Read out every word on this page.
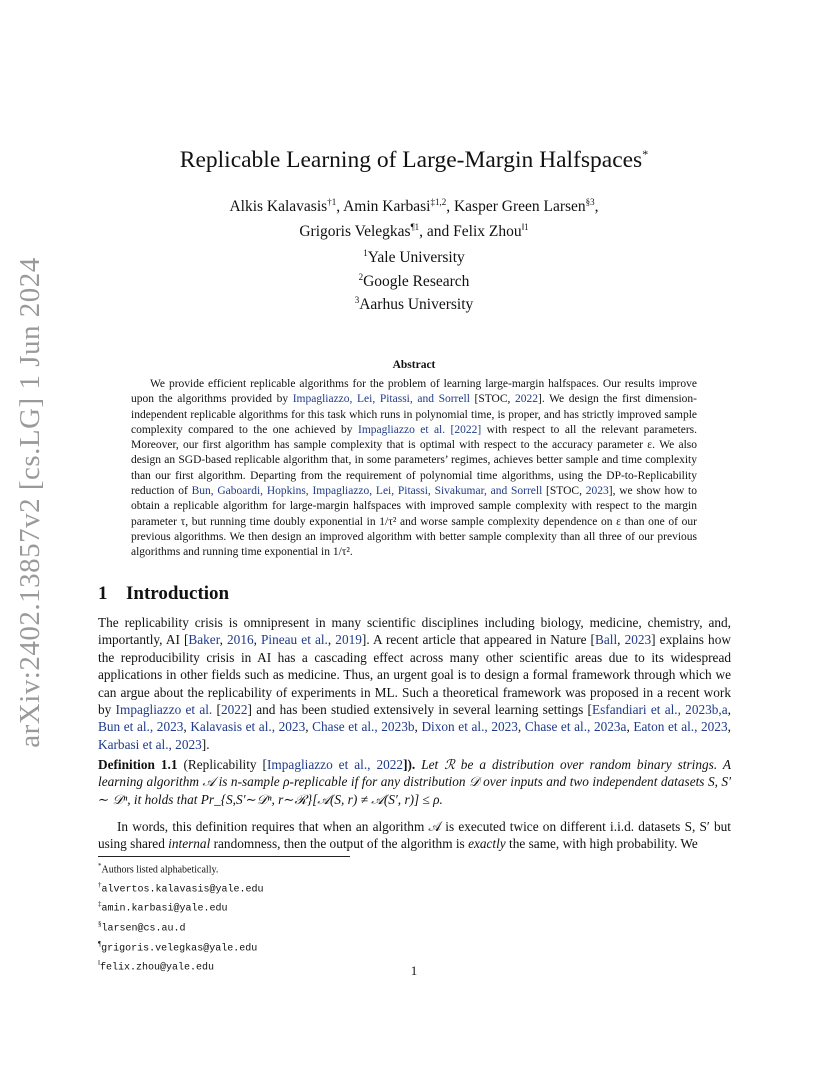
arXiv:2402.13857v2 [cs.LG] 1 Jun 2024
Replicable Learning of Large-Margin Halfspaces*
Alkis Kalavasis$^{\dagger 1}$, Amin Karbasi$^{\ddagger 1,2}$, Kasper Green Larsen$^{\S 3}$,
Grigoris Velegkas$^{\P 1}$, and Felix Zhou$^{‖1}$
$^1$Yale University
$^2$Google Research
$^3$Aarhus University
Abstract
We provide efficient replicable algorithms for the problem of learning large-margin halfspaces. Our results improve upon the algorithms provided by Impagliazzo, Lei, Pitassi, and Sorrell [STOC, 2022]. We design the first dimension-independent replicable algorithms for this task which runs in polynomial time, is proper, and has strictly improved sample complexity compared to the one achieved by Impagliazzo et al. [2022] with respect to all the relevant parameters. Moreover, our first algorithm has sample complexity that is optimal with respect to the accuracy parameter ε. We also design an SGD-based replicable algorithm that, in some parameters’ regimes, achieves better sample and time complexity than our first algorithm. Departing from the requirement of polynomial time algorithms, using the DP-to-Replicability reduction of Bun, Gaboardi, Hopkins, Impagliazzo, Lei, Pitassi, Sivakumar, and Sorrell [STOC, 2023], we show how to obtain a replicable algorithm for large-margin halfspaces with improved sample complexity with respect to the margin parameter τ, but running time doubly exponential in 1/τ² and worse sample complexity dependence on ε than one of our previous algorithms. We then design an improved algorithm with better sample complexity than all three of our previous algorithms and running time exponential in 1/τ².
1 Introduction
The replicability crisis is omnipresent in many scientific disciplines including biology, medicine, chemistry, and, importantly, AI [Baker, 2016, Pineau et al., 2019]. A recent article that appeared in Nature [Ball, 2023] explains how the reproducibility crisis in AI has a cascading effect across many other scientific areas due to its widespread applications in other fields such as medicine. Thus, an urgent goal is to design a formal framework through which we can argue about the replicability of experiments in ML. Such a theoretical framework was proposed in a recent work by Impagliazzo et al. [2022] and has been studied extensively in several learning settings [Esfandiari et al., 2023b,a, Bun et al., 2023, Kalavasis et al., 2023, Chase et al., 2023b, Dixon et al., 2023, Chase et al., 2023a, Eaton et al., 2023, Karbasi et al., 2023].
Definition 1.1 (Replicability [Impagliazzo et al., 2022]). Let ℛ be a distribution over random binary strings. A learning algorithm 𝒜 is n-sample ρ-replicable if for any distribution 𝒟 over inputs and two independent datasets S, S′ ∼ 𝒟ⁿ, it holds that Pr_{S,S′∼𝒟ⁿ, r∼ℛ}[𝒜(S, r) ≠ 𝒜(S′, r)] ≤ ρ.
In words, this definition requires that when an algorithm 𝒜 is executed twice on different i.i.d. datasets S, S′ but using shared internal randomness, then the output of the algorithm is exactly the same, with high probability. We
*Authors listed alphabetically.
†alvertos.kalavasis@yale.edu
‡amin.karbasi@yale.edu
§larsen@cs.au.d
¶grigoris.velegkas@yale.edu
‖felix.zhou@yale.edu	1
